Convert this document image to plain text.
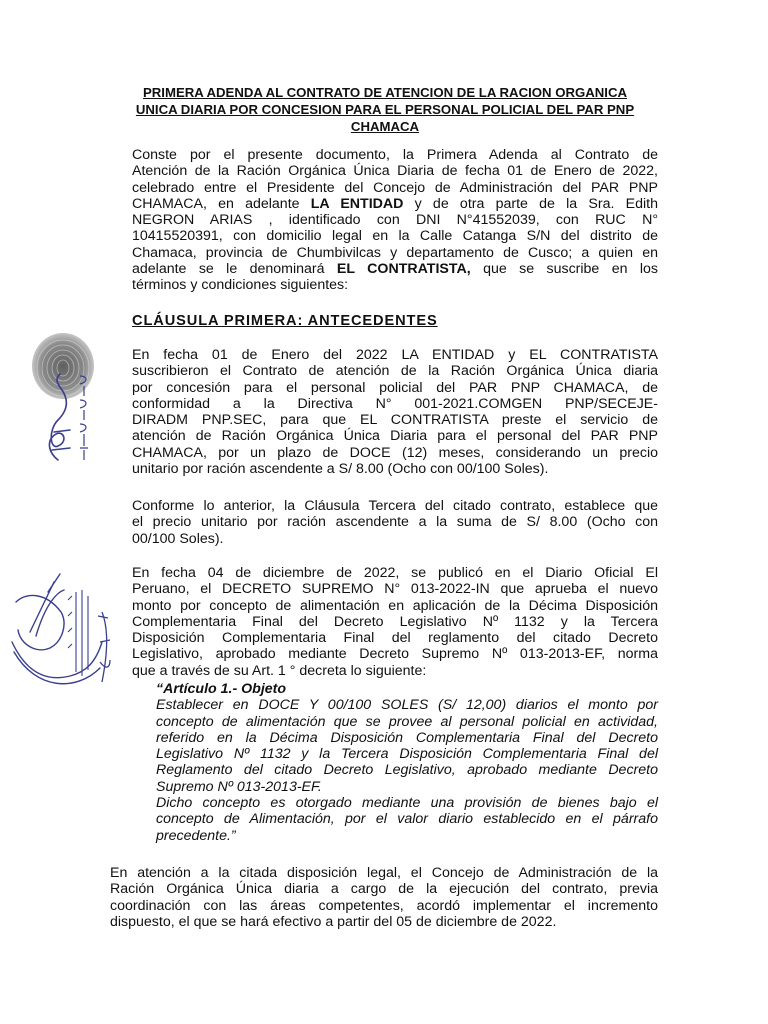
PRIMERA ADENDA AL CONTRATO DE ATENCION DE LA RACION ORGANICA
UNICA DIARIA POR CONCESION PARA EL PERSONAL POLICIAL DEL PAR PNP
CHAMACA
Conste por el presente documento, la Primera Adenda al Contrato de
Atención de la Ración Orgánica Única Diaria de fecha 01 de Enero de 2022,
celebrado entre el Presidente del Concejo de Administración del PAR PNP
CHAMACA, en adelante LA ENTIDAD y de otra parte de la Sra. Edith
NEGRON ARIAS , identificado con DNI N°41552039, con RUC N°
10415520391, con domicilio legal en la Calle Catanga S/N del distrito de
Chamaca, provincia de Chumbivilcas y departamento de Cusco; a quien en
adelante se le denominará EL CONTRATISTA, que se suscribe en los
términos y condiciones siguientes:
CLÁUSULA PRIMERA: ANTECEDENTES
En fecha 01 de Enero del 2022 LA ENTIDAD y EL CONTRATISTA
suscribieron el Contrato de atención de la Ración Orgánica Única diaria
por concesión para el personal policial del PAR PNP CHAMACA, de
conformidad a la Directiva N° 001-2021.COMGEN PNP/SECEJE-
DIRADM PNP.SEC, para que EL CONTRATISTA preste el servicio de
atención de Ración Orgánica Única Diaria para el personal del PAR PNP
CHAMACA, por un plazo de DOCE (12) meses, considerando un precio
unitario por ración ascendente a S/ 8.00 (Ocho con 00/100 Soles).
Conforme lo anterior, la Cláusula Tercera del citado contrato, establece que
el precio unitario por ración ascendente a la suma de S/ 8.00 (Ocho con
00/100 Soles).
En fecha 04 de diciembre de 2022, se publicó en el Diario Oficial El
Peruano, el DECRETO SUPREMO N° 013-2022-IN que aprueba el nuevo
monto por concepto de alimentación en aplicación de la Décima Disposición
Complementaria Final del Decreto Legislativo Nº 1132 y la Tercera
Disposición Complementaria Final del reglamento del citado Decreto
Legislativo, aprobado mediante Decreto Supremo Nº 013-2013-EF, norma
que a través de su Art. 1 ° decreta lo siguiente:
“Artículo 1.- Objeto
Establecer en DOCE Y 00/100 SOLES (S/ 12,00) diarios el monto por
concepto de alimentación que se provee al personal policial en actividad,
referido en la Décima Disposición Complementaria Final del Decreto
Legislativo Nº 1132 y la Tercera Disposición Complementaria Final del
Reglamento del citado Decreto Legislativo, aprobado mediante Decreto
Supremo Nº 013-2013-EF.
Dicho concepto es otorgado mediante una provisión de bienes bajo el
concepto de Alimentación, por el valor diario establecido en el párrafo
precedente.”
En atención a la citada disposición legal, el Concejo de Administración de la
Ración Orgánica Única diaria a cargo de la ejecución del contrato, previa
coordinación con las áreas competentes, acordó implementar el incremento
dispuesto, el que se hará efectivo a partir del 05 de diciembre de 2022.
